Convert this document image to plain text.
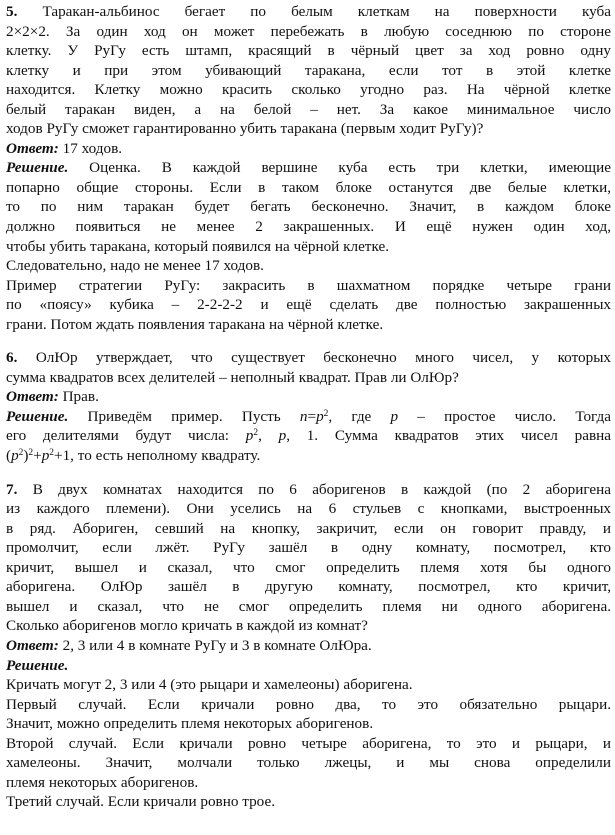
5. Таракан-альбинос бегает по белым клеткам на поверхности куба
2×2×2. За один ход он может перебежать в любую соседнюю по стороне
клетку. У РуГу есть штамп, красящий в чёрный цвет за ход ровно одну
клетку и при этом убивающий таракана, если тот в этой клетке
находится. Клетку можно красить сколько угодно раз. На чёрной клетке
белый таракан виден, а на белой – нет. За какое минимальное число
ходов РуГу сможет гарантированно убить таракана (первым ходит РуГу)?
Ответ: 17 ходов.
Решение. Оценка. В каждой вершине куба есть три клетки, имеющие
попарно общие стороны. Если в таком блоке останутся две белые клетки,
то по ним таракан будет бегать бесконечно. Значит, в каждом блоке
должно появиться не менее 2 закрашенных. И ещё нужен один ход,
чтобы убить таракана, который появился на чёрной клетке.
Следовательно, надо не менее 17 ходов.
Пример стратегии РуГу: закрасить в шахматном порядке четыре грани
по «поясу» кубика – 2-2-2-2 и ещё сделать две полностью закрашенных
грани. Потом ждать появления таракана на чёрной клетке.
6. ОлЮр утверждает, что существует бесконечно много чисел, у которых
сумма квадратов всех делителей – неполный квадрат. Прав ли ОлЮр?
Ответ: Прав.
Решение. Приведём пример. Пусть $n=p^2$, где p – простое число. Тогда
его делителями будут числа: $p^2$, p, 1. Сумма квадратов этих чисел равна
$(p^2)^2+p^2+1$, то есть неполному квадрату.
7. В двух комнатах находится по 6 аборигенов в каждой (по 2 аборигена
из каждого племени). Они уселись на 6 стульев с кнопками, выстроенных
в ряд. Абориген, севший на кнопку, закричит, если он говорит правду, и
промолчит, если лжёт. РуГу зашёл в одну комнату, посмотрел, кто
кричит, вышел и сказал, что смог определить племя хотя бы одного
аборигена. ОлЮр зашёл в другую комнату, посмотрел, кто кричит,
вышел и сказал, что не смог определить племя ни одного аборигена.
Сколько аборигенов могло кричать в каждой из комнат?
Ответ: 2, 3 или 4 в комнате РуГу и 3 в комнате ОлЮра.
Решение.
Кричать могут 2, 3 или 4 (это рыцари и хамелеоны) аборигена.
Первый случай. Если кричали ровно два, то это обязательно рыцари.
Значит, можно определить племя некоторых аборигенов.
Второй случай. Если кричали ровно четыре аборигена, то это и рыцари, и
хамелеоны. Значит, молчали только лжецы, и мы снова определили
племя некоторых аборигенов.
Третий случай. Если кричали ровно трое.
